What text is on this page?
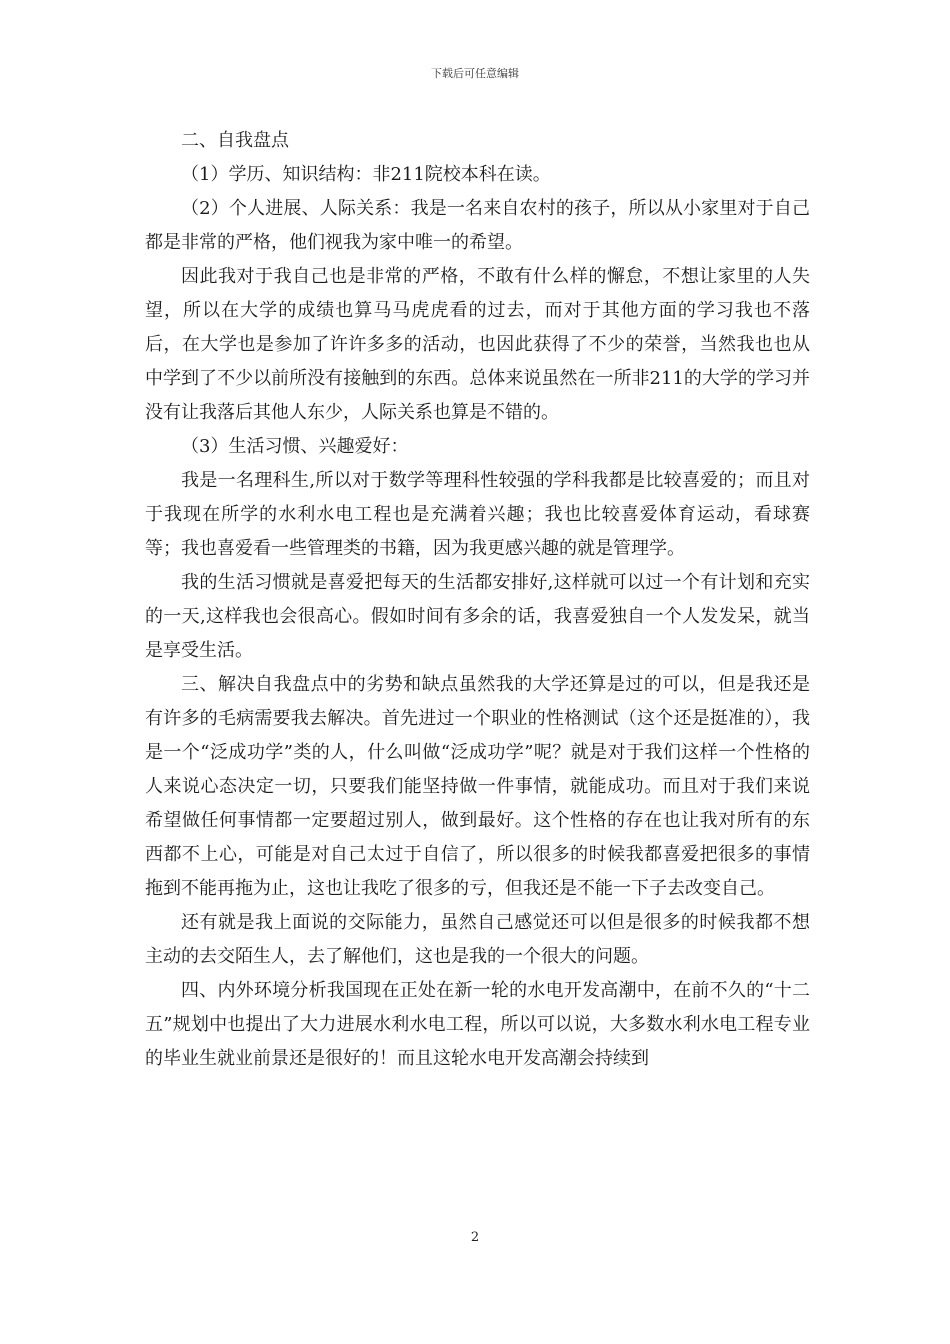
下载后可任意编辑

二、自我盘点

（1）学历、知识结构：非211院校本科在读。

（2）个人进展、人际关系：我是一名来自农村的孩子，所以从小家里对于自己都是非常的严格，他们视我为家中唯一的希望。

因此我对于我自己也是非常的严格，不敢有什么样的懈怠，不想让家里的人失望，所以在大学的成绩也算马马虎虎看的过去，而对于其他方面的学习我也不落后，在大学也是参加了许许多多的活动，也因此获得了不少的荣誉，当然我也也从中学到了不少以前所没有接触到的东西。总体来说虽然在一所非211的大学的学习并没有让我落后其他人东少，人际关系也算是不错的。

（3）生活习惯、兴趣爱好：

我是一名理科生,所以对于数学等理科性较强的学科我都是比较喜爱的；而且对于我现在所学的水利水电工程也是充满着兴趣；我也比较喜爱体育运动，看球赛等；我也喜爱看一些管理类的书籍，因为我更感兴趣的就是管理学。

我的生活习惯就是喜爱把每天的生活都安排好,这样就可以过一个有计划和充实的一天,这样我也会很高心。假如时间有多余的话，我喜爱独自一个人发发呆，就当是享受生活。

三、解决自我盘点中的劣势和缺点虽然我的大学还算是过的可以，但是我还是有许多的毛病需要我去解决。首先进过一个职业的性格测试（这个还是挺准的），我是一个“泛成功学”类的人，什么叫做“泛成功学”呢？就是对于我们这样一个性格的人来说心态决定一切，只要我们能坚持做一件事情，就能成功。而且对于我们来说希望做任何事情都一定要超过别人，做到最好。这个性格的存在也让我对所有的东西都不上心，可能是对自己太过于自信了，所以很多的时候我都喜爱把很多的事情拖到不能再拖为止，这也让我吃了很多的亏，但我还是不能一下子去改变自己。

还有就是我上面说的交际能力，虽然自己感觉还可以但是很多的时候我都不想主动的去交陌生人，去了解他们，这也是我的一个很大的问题。

四、内外环境分析我国现在正处在新一轮的水电开发高潮中，在前不久的“十二五”规划中也提出了大力进展水利水电工程，所以可以说，大多数水利水电工程专业的毕业生就业前景还是很好的！而且这轮水电开发高潮会持续到

2
